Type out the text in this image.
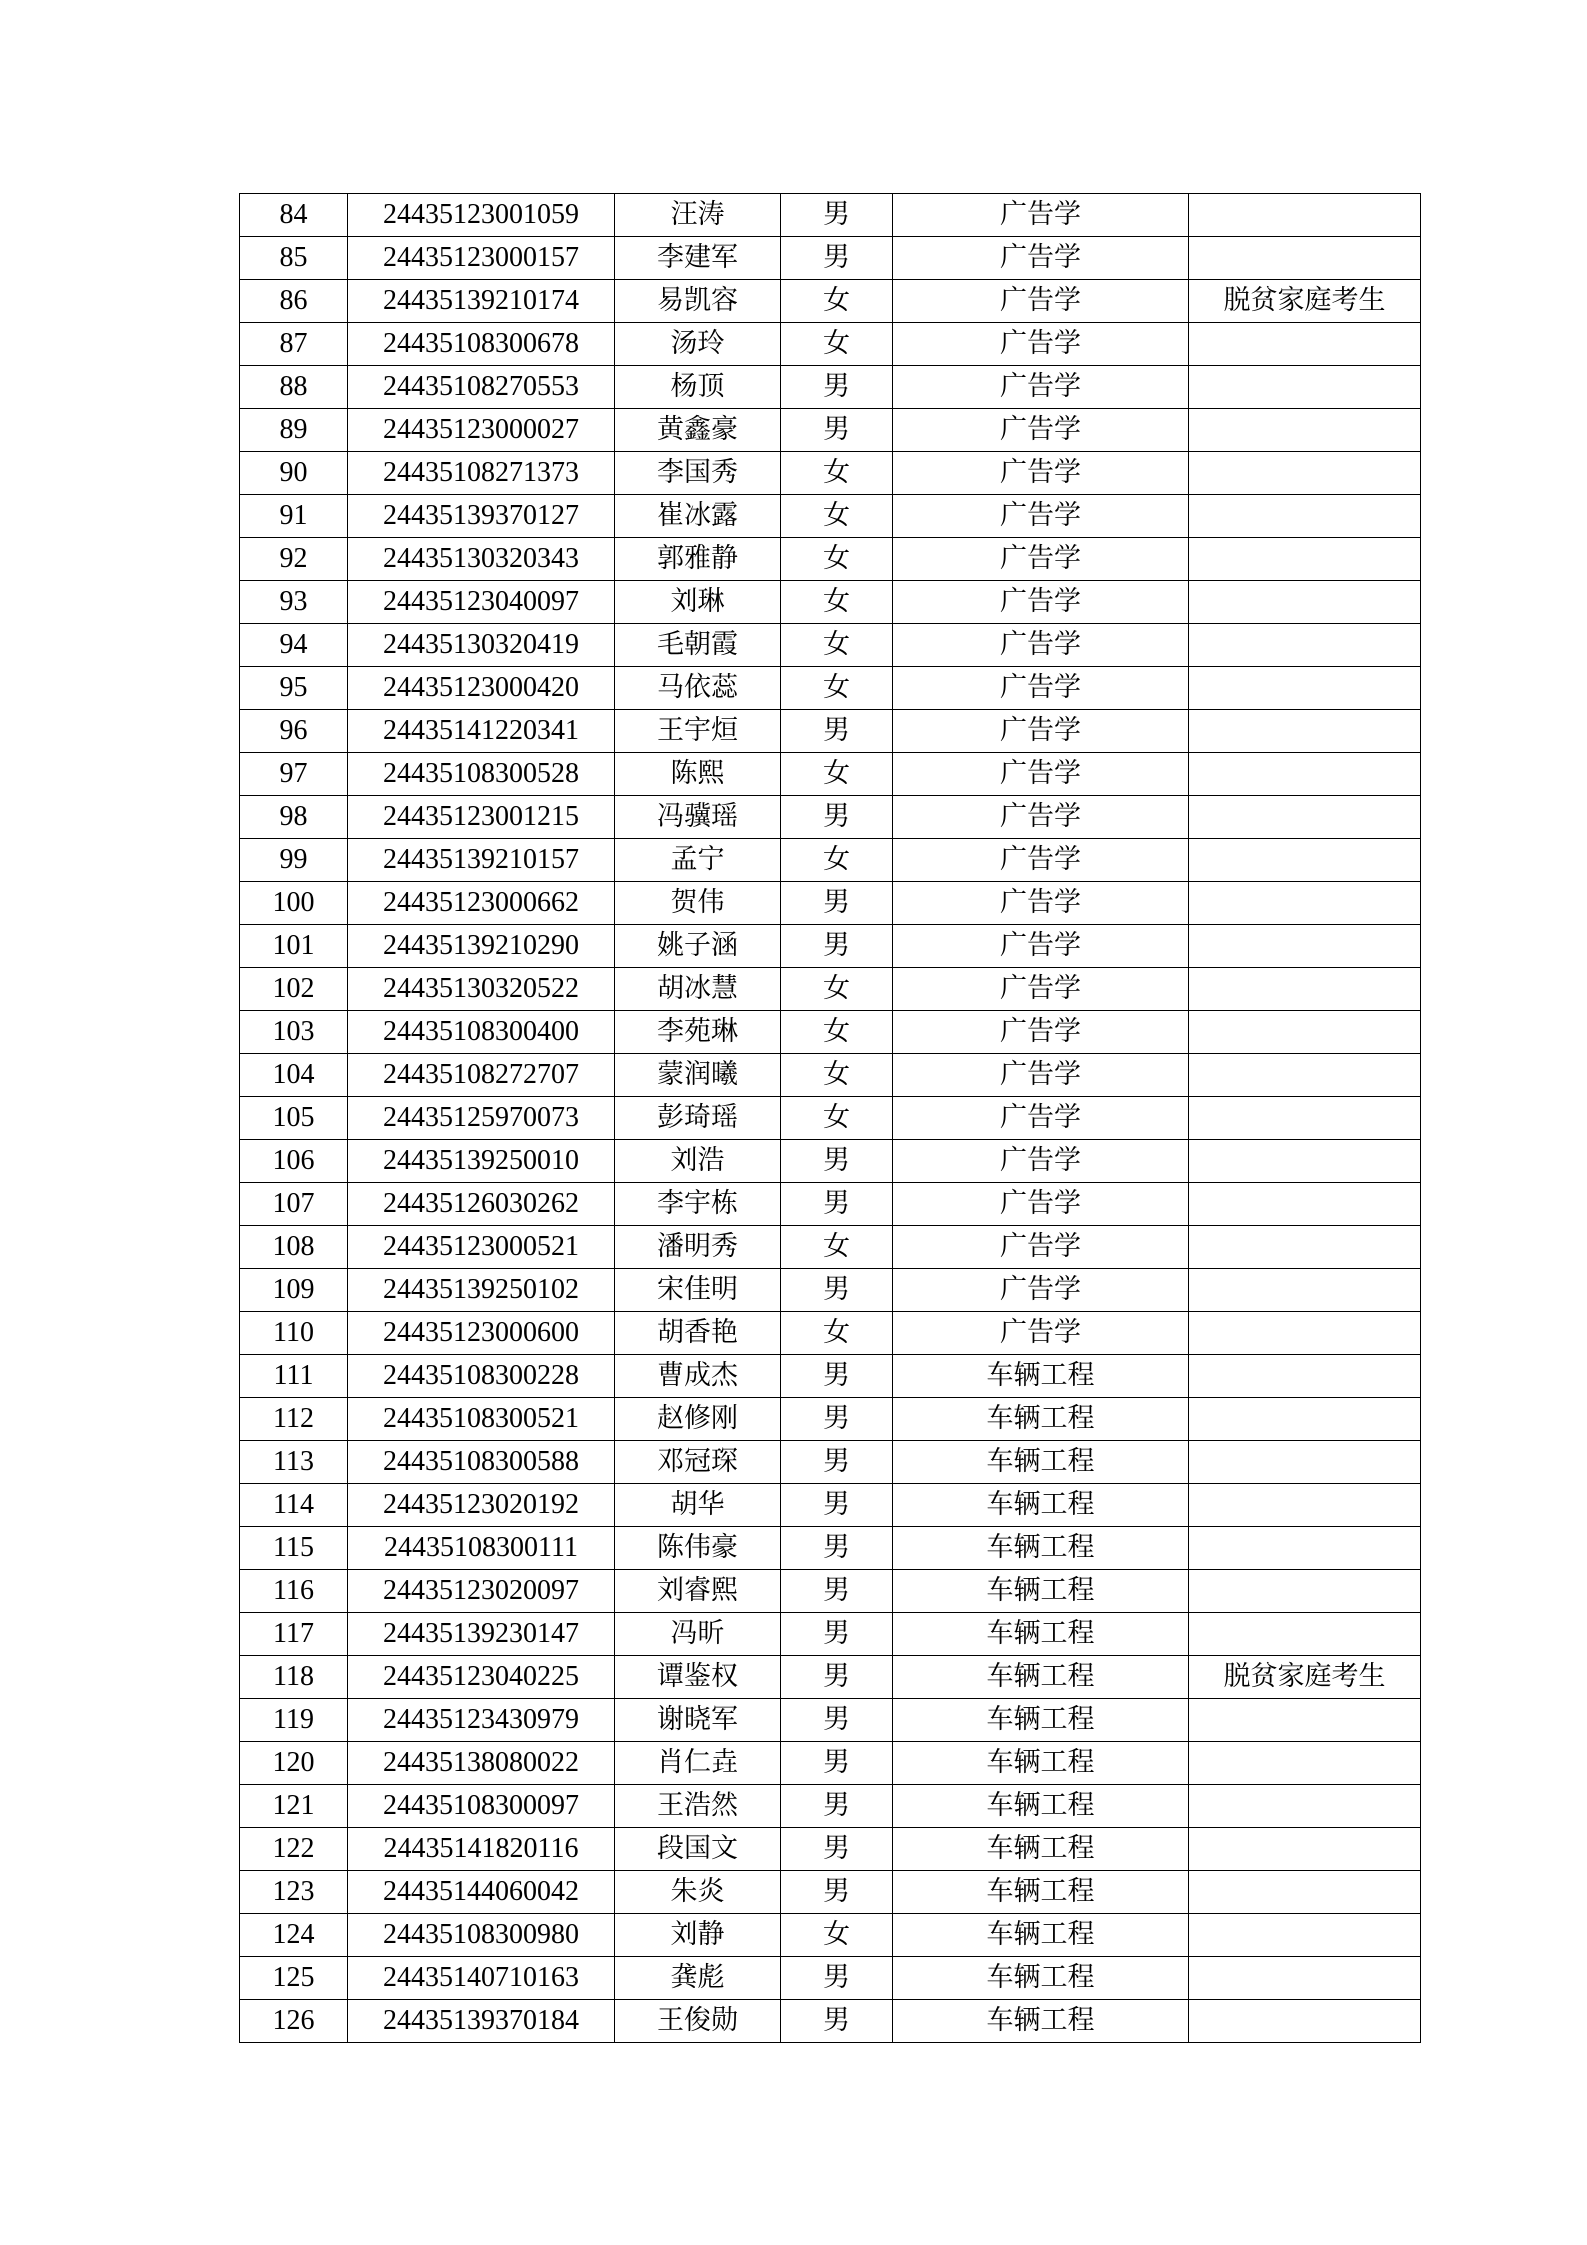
84	24435123001059	汪涛	男	广告学	
85	24435123000157	李建军	男	广告学	
86	24435139210174	易凯容	女	广告学	脱贫家庭考生
87	24435108300678	汤玲	女	广告学	
88	24435108270553	杨顶	男	广告学	
89	24435123000027	黄鑫豪	男	广告学	
90	24435108271373	李国秀	女	广告学	
91	24435139370127	崔冰露	女	广告学	
92	24435130320343	郭雅静	女	广告学	
93	24435123040097	刘琳	女	广告学	
94	24435130320419	毛朝霞	女	广告学	
95	24435123000420	马依蕊	女	广告学	
96	24435141220341	王宇烜	男	广告学	
97	24435108300528	陈熙	女	广告学	
98	24435123001215	冯骥瑶	男	广告学	
99	24435139210157	孟宁	女	广告学	
100	24435123000662	贺伟	男	广告学	
101	24435139210290	姚子涵	男	广告学	
102	24435130320522	胡冰慧	女	广告学	
103	24435108300400	李苑琳	女	广告学	
104	24435108272707	蒙润曦	女	广告学	
105	24435125970073	彭琦瑶	女	广告学	
106	24435139250010	刘浩	男	广告学	
107	24435126030262	李宇栋	男	广告学	
108	24435123000521	潘明秀	女	广告学	
109	24435139250102	宋佳明	男	广告学	
110	24435123000600	胡香艳	女	广告学	
111	24435108300228	曹成杰	男	车辆工程	
112	24435108300521	赵修刚	男	车辆工程	
113	24435108300588	邓冠琛	男	车辆工程	
114	24435123020192	胡华	男	车辆工程	
115	24435108300111	陈伟豪	男	车辆工程	
116	24435123020097	刘睿熙	男	车辆工程	
117	24435139230147	冯昕	男	车辆工程	
118	24435123040225	谭鉴权	男	车辆工程	脱贫家庭考生
119	24435123430979	谢晓军	男	车辆工程	
120	24435138080022	肖仁垚	男	车辆工程	
121	24435108300097	王浩然	男	车辆工程	
122	24435141820116	段国文	男	车辆工程	
123	24435144060042	朱炎	男	车辆工程	
124	24435108300980	刘静	女	车辆工程	
125	24435140710163	龚彪	男	车辆工程	
126	24435139370184	王俊勋	男	车辆工程	
